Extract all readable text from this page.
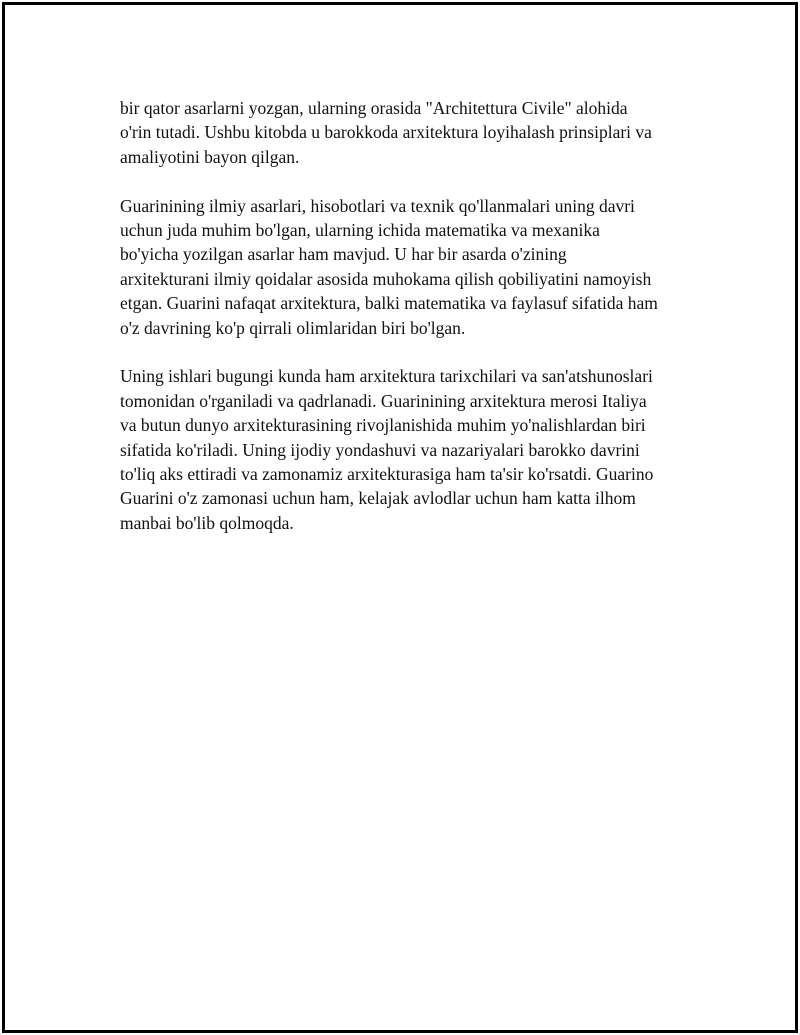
bir qator asarlarni yozgan, ularning orasida "Architettura Civile" alohida
o'rin tutadi. Ushbu kitobda u barokkoda arxitektura loyihalash prinsiplari va
amaliyotini bayon qilgan.

Guarinining ilmiy asarlari, hisobotlari va texnik qo'llanmalari uning davri
uchun juda muhim bo'lgan, ularning ichida matematika va mexanika
bo'yicha yozilgan asarlar ham mavjud. U har bir asarda o'zining
arxitekturani ilmiy qoidalar asosida muhokama qilish qobiliyatini namoyish
etgan. Guarini nafaqat arxitektura, balki matematika va faylasuf sifatida ham
o'z davrining ko'p qirrali olimlaridan biri bo'lgan.

Uning ishlari bugungi kunda ham arxitektura tarixchilari va san'atshunoslari
tomonidan o'rganiladi va qadrlanadi. Guarinining arxitektura merosi Italiya
va butun dunyo arxitekturasining rivojlanishida muhim yo'nalishlardan biri
sifatida ko'riladi. Uning ijodiy yondashuvi va nazariyalari barokko davrini
to'liq aks ettiradi va zamonamiz arxitekturasiga ham ta'sir ko'rsatdi. Guarino
Guarini o'z zamonasi uchun ham, kelajak avlodlar uchun ham katta ilhom
manbai bo'lib qolmoqda.
